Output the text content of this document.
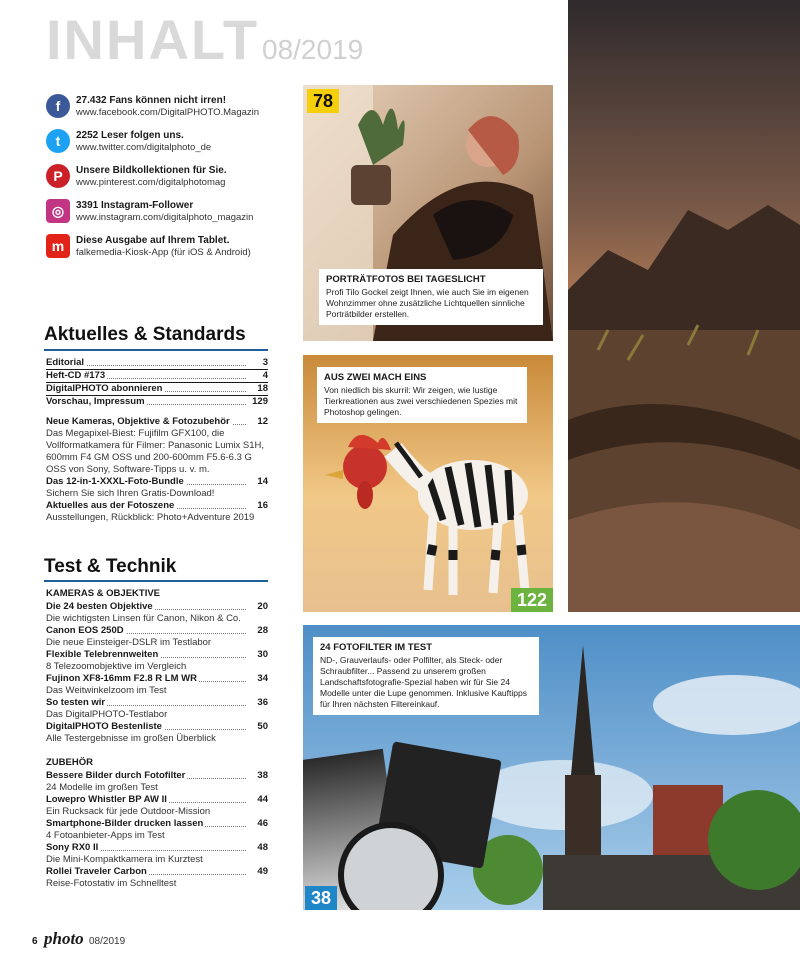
INHALT 08/2019
f	27.432 Fans können nicht irren!
www.facebook.com/DigitalPHOTO.Magazin
t	2252 Leser folgen uns.
www.twitter.com/digitalphoto_de
P	Unsere Bildkollektionen für Sie.
www.pinterest.com/digitalphotomag
◎	3391 Instagram-Follower
www.instagram.com/digitalphoto_magazin
m	Diese Ausgabe auf Ihrem Tablet.
falkemedia-Kiosk-App (für iOS & Android)
Aktuelles & Standards
Editorial	3
Heft-CD #173	4
DigitalPHOTO abonnieren	18
Vorschau, Impressum	129
Neue Kameras, Objektive & Fotozubehör	12
Das Megapixel-Biest: Fujifilm GFX100, die Vollformatkamera für Filmer: Panasonic Lumix S1H, 600mm F4 GM OSS und 200-600mm F5.6-6.3 G OSS von Sony, Software-Tipps u. v. m.
Das 12-in-1-XXXL-Foto-Bundle	14
Sichern Sie sich Ihren Gratis-Download!
Aktuelles aus der Fotoszene	16
Ausstellungen, Rückblick: Photo+Adventure 2019
Test & Technik
KAMERAS & OBJEKTIVE
Die 24 besten Objektive	20
Die wichtigsten Linsen für Canon, Nikon & Co.
Canon EOS 250D	28
Die neue Einsteiger-DSLR im Testlabor
Flexible Telebrennweiten	30
8 Telezoomobjektive im Vergleich
Fujinon XF8-16mm F2.8 R LM WR	34
Das Weitwinkelzoom im Test
So testen wir	36
Das DigitalPHOTO-Testlabor
DigitalPHOTO Bestenliste	50
Alle Testergebnisse im großen Überblick
ZUBEHÖR
Bessere Bilder durch Fotofilter	38
24 Modelle im großen Test
Lowepro Whistler BP AW II	44
Ein Rucksack für jede Outdoor-Mission
Smartphone-Bilder drucken lassen	46
4 Fotoanbieter-Apps im Test
Sony RX0 II	48
Die Mini-Kompaktkamera im Kurztest
Rollei Traveler Carbon	49
Reise-Fotostativ im Schnelltest
78
PORTRÄTFOTOS BEI TAGESLICHT
Profi Tilo Gockel zeigt Ihnen, wie auch Sie im eigenen Wohnzimmer ohne zusätzliche Lichtquellen sinnliche Porträtbilder erstellen.
AUS ZWEI MACH EINS
Von niedlich bis skurril: Wir zeigen, wie lustige Tierkreationen aus zwei verschiedenen Spezies mit Photoshop gelingen.
122
24 FOTOFILTER IM TEST
ND-, Grauverlaufs- oder Polfilter, als Steck- oder Schraubfilter... Passend zu unserem großen Landschaftsfotografie-Spezial haben wir für Sie 24 Modelle unter die Lupe genommen. Inklusive Kauftipps für Ihren nächsten Filtereinkauf.
38
6 photo 08/2019
